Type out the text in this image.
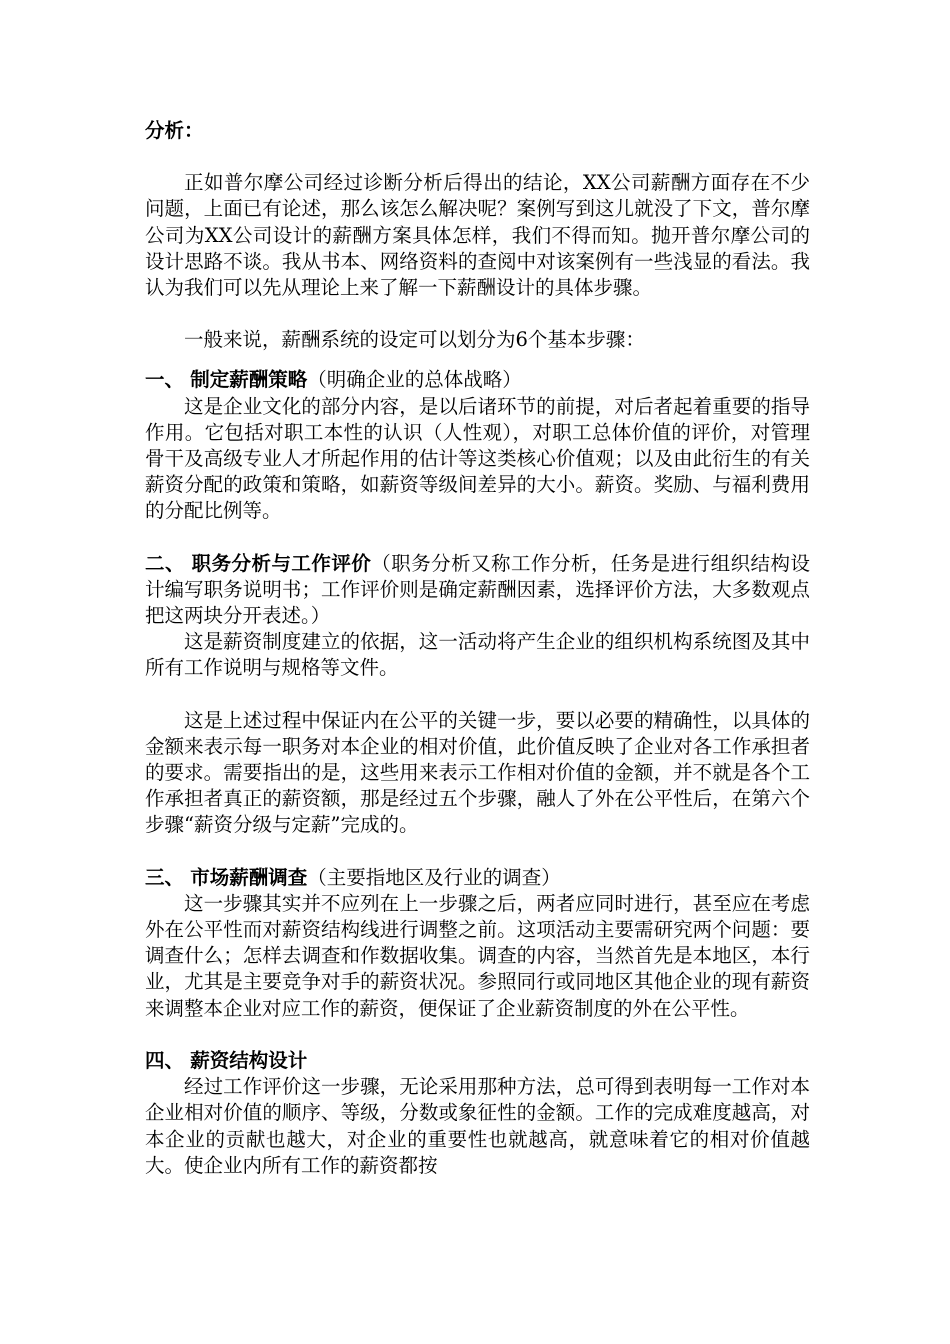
分析：

正如普尔摩公司经过诊断分析后得出的结论，XX公司薪酬方面存在不少问题，上面已有论述，那么该怎么解决呢？案例写到这儿就没了下文，普尔摩公司为XX公司设计的薪酬方案具体怎样，我们不得而知。抛开普尔摩公司的设计思路不谈。我从书本、网络资料的查阅中对该案例有一些浅显的看法。我认为我们可以先从理论上来了解一下薪酬设计的具体步骤。

一般来说，薪酬系统的设定可以划分为6个基本步骤：

一、 制定薪酬策略（明确企业的总体战略）

这是企业文化的部分内容，是以后诸环节的前提，对后者起着重要的指导作用。它包括对职工本性的认识（人性观），对职工总体价值的评价，对管理骨干及高级专业人才所起作用的估计等这类核心价值观；以及由此衍生的有关薪资分配的政策和策略，如薪资等级间差异的大小。薪资。奖励、与福利费用的分配比例等。

二、 职务分析与工作评价（职务分析又称工作分析，任务是进行组织结构设计编写职务说明书；工作评价则是确定薪酬因素，选择评价方法，大多数观点把这两块分开表述。）

这是薪资制度建立的依据，这一活动将产生企业的组织机构系统图及其中所有工作说明与规格等文件。

这是上述过程中保证内在公平的关键一步，要以必要的精确性，以具体的金额来表示每一职务对本企业的相对价值，此价值反映了企业对各工作承担者的要求。需要指出的是，这些用来表示工作相对价值的金额，并不就是各个工作承担者真正的薪资额，那是经过五个步骤，融人了外在公平性后，在第六个步骤“薪资分级与定薪”完成的。

三、 市场薪酬调查（主要指地区及行业的调查）

这一步骤其实并不应列在上一步骤之后，两者应同时进行，甚至应在考虑外在公平性而对薪资结构线进行调整之前。这项活动主要需研究两个问题：要调查什么；怎样去调查和作数据收集。调查的内容，当然首先是本地区，本行业，尤其是主要竞争对手的薪资状况。参照同行或同地区其他企业的现有薪资来调整本企业对应工作的薪资，便保证了企业薪资制度的外在公平性。

四、 薪资结构设计

经过工作评价这一步骤，无论采用那种方法，总可得到表明每一工作对本企业相对价值的顺序、等级，分数或象征性的金额。工作的完成难度越高，对本企业的贡献也越大，对企业的重要性也就越高，就意味着它的相对价值越大。使企业内所有工作的薪资都按
